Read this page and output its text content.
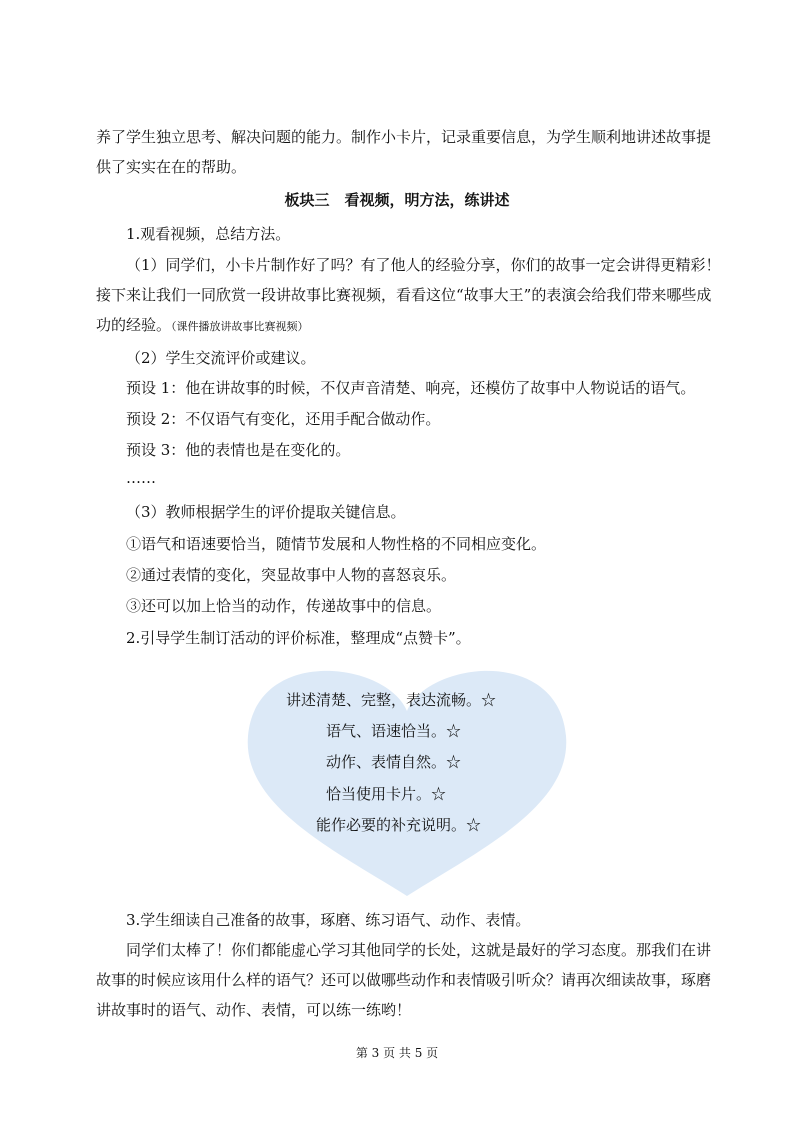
养了学生独立思考、解决问题的能力。制作小卡片，记录重要信息，为学生顺利地讲述故事提供了实实在在的帮助。

板块三　看视频，明方法，练讲述

1.观看视频，总结方法。

（1）同学们，小卡片制作好了吗？有了他人的经验分享，你们的故事一定会讲得更精彩！接下来让我们一同欣赏一段讲故事比赛视频，看看这位“故事大王”的表演会给我们带来哪些成功的经验。（课件播放讲故事比赛视频）

（2）学生交流评价或建议。

预设 1：他在讲故事的时候，不仅声音清楚、响亮，还模仿了故事中人物说话的语气。

预设 2：不仅语气有变化，还用手配合做动作。

预设 3：他的表情也是在变化的。

……

（3）教师根据学生的评价提取关键信息。

①语气和语速要恰当，随情节发展和人物性格的不同相应变化。

②通过表情的变化，突显故事中人物的喜怒哀乐。

③还可以加上恰当的动作，传递故事中的信息。

2.引导学生制订活动的评价标准，整理成“点赞卡”。

讲述清楚、完整，表达流畅。☆
语气、语速恰当。☆
动作、表情自然。☆
恰当使用卡片。☆
能作必要的补充说明。☆

3.学生细读自己准备的故事，琢磨、练习语气、动作、表情。

同学们太棒了！你们都能虚心学习其他同学的长处，这就是最好的学习态度。那我们在讲故事的时候应该用什么样的语气？还可以做哪些动作和表情吸引听众？请再次细读故事，琢磨讲故事时的语气、动作、表情，可以练一练哟！

第 3 页 共 5 页
